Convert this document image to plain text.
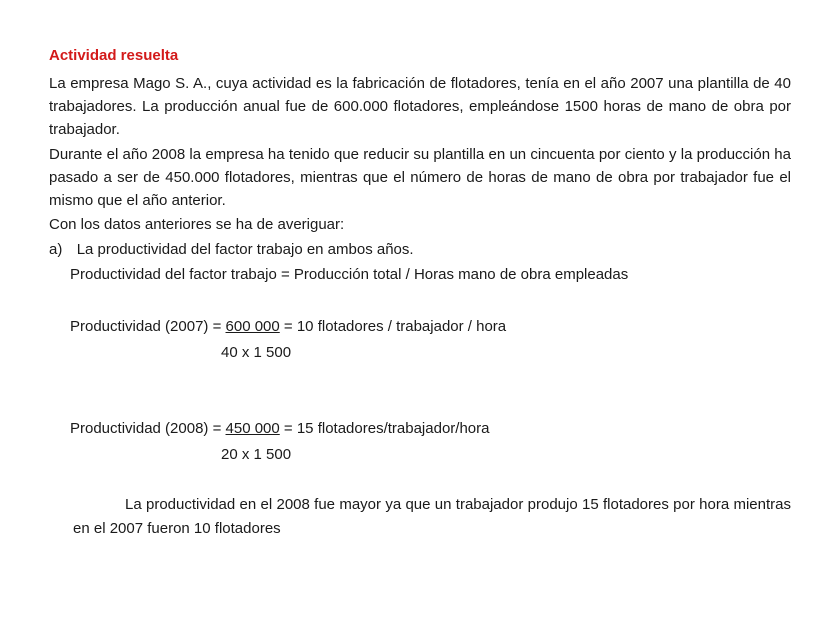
Actividad resuelta
La empresa Mago S. A., cuya actividad es la fabricación de flotadores, tenía en el año 2007 una plantilla de 40 trabajadores. La producción anual fue de 600.000 flotadores, empleándose 1500 horas de mano de obra por trabajador.
Durante el año 2008 la empresa ha tenido que reducir su plantilla en un cincuenta por ciento y la producción ha pasado a ser de 450.000 flotadores, mientras que el número de horas de mano de obra por trabajador fue el mismo que el año anterior.
Con los datos anteriores se ha de averiguar:
a) La productividad del factor trabajo en ambos años.
Productividad del factor trabajo = Producción total / Horas mano de obra empleadas
Productividad (2007) = 600 000 = 10 flotadores / trabajador / hora
40 x 1 500
Productividad (2008) = 450 000 = 15 flotadores/trabajador/hora
20 x 1 500
La productividad en el 2008 fue mayor ya que un trabajador produjo 15 flotadores por hora mientras en el 2007 fueron 10 flotadores
